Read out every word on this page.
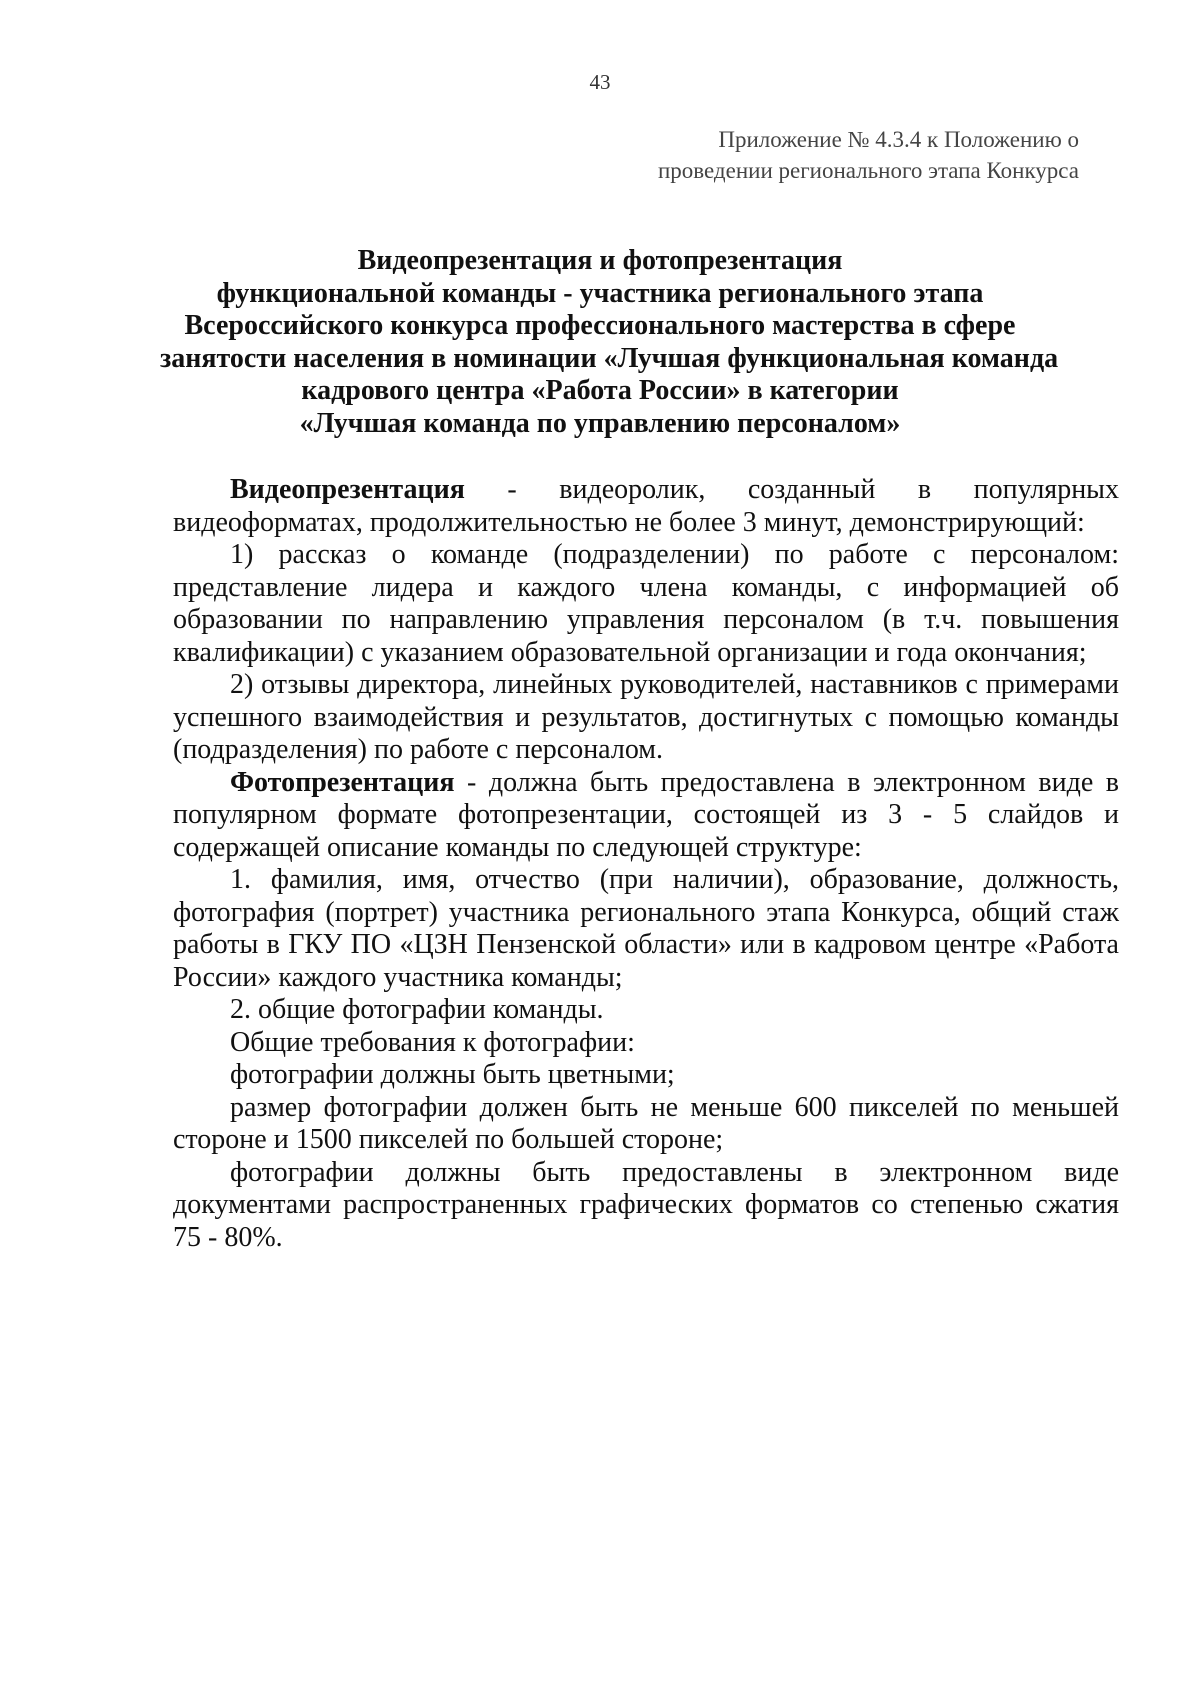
43
Приложение № 4.3.4 к Положению о
проведении регионального этапа Конкурса
Видеопрезентация и фотопрезентация
функциональной команды - участника регионального этапа
Всероссийского конкурса профессионального мастерства в сфере
занятости населения в номинации «Лучшая функциональная команда
кадрового центра «Работа России» в категории
«Лучшая команда по управлению персоналом»

Видеопрезентация - видеоролик, созданный в популярных видеоформатах, продолжительностью не более 3 минут, демонстрирующий:

1) рассказ о команде (подразделении) по работе с персоналом: представление лидера и каждого члена команды, с информацией об образовании по направлению управления персоналом (в т.ч. повышения квалификации) с указанием образовательной организации и года окончания;

2) отзывы директора, линейных руководителей, наставников с примерами успешного взаимодействия и результатов, достигнутых с помощью команды (подразделения) по работе с персоналом.

Фотопрезентация - должна быть предоставлена в электронном виде в популярном формате фотопрезентации, состоящей из 3 - 5 слайдов и содержащей описание команды по следующей структуре:

1. фамилия, имя, отчество (при наличии), образование, должность, фотография (портрет) участника регионального этапа Конкурса, общий стаж работы в ГКУ ПО «ЦЗН Пензенской области» или в кадровом центре «Работа России» каждого участника команды;

2. общие фотографии команды.

Общие требования к фотографии:

фотографии должны быть цветными;

размер фотографии должен быть не меньше 600 пикселей по меньшей стороне и 1500 пикселей по большей стороне;

фотографии должны быть предоставлены в электронном виде документами распространенных графических форматов со степенью сжатия 75 - 80%.
